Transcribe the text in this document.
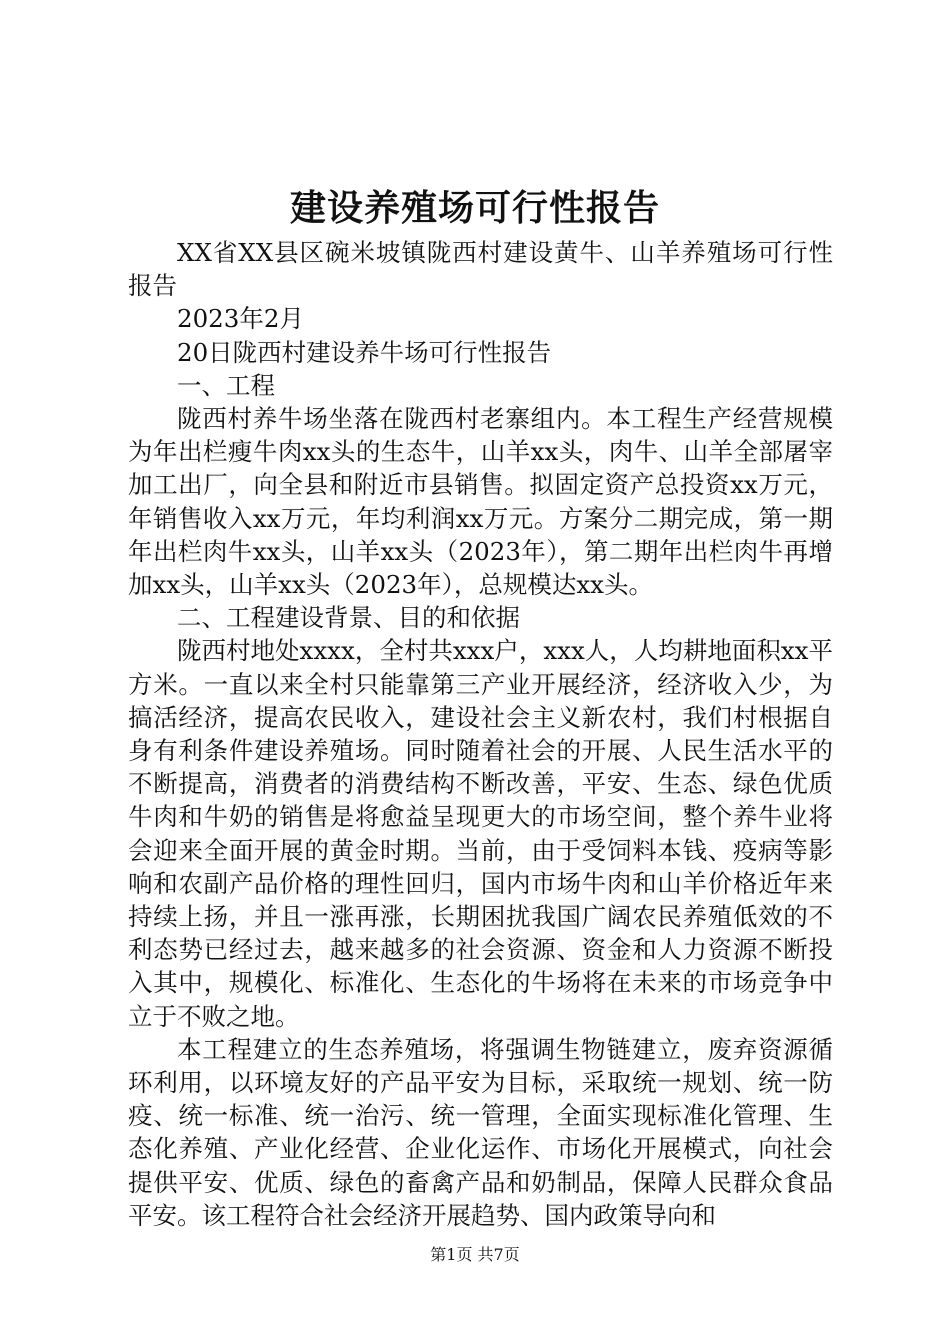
建设养殖场可行性报告

XX省XX县区碗米坡镇陇西村建设黄牛、山羊养殖场可行性报告

2023年2月

20日陇西村建设养牛场可行性报告

一、工程

陇西村养牛场坐落在陇西村老寨组内。本工程生产经营规模为年出栏瘦牛肉xx头的生态牛，山羊xx头，肉牛、山羊全部屠宰加工出厂，向全县和附近市县销售。拟固定资产总投资xx万元，年销售收入xx万元，年均利润xx万元。方案分二期完成，第一期年出栏肉牛xx头，山羊xx头（2023年），第二期年出栏肉牛再增加xx头，山羊xx头（2023年），总规模达xx头。

二、工程建设背景、目的和依据

陇西村地处xxxx，全村共xxx户，xxx人，人均耕地面积xx平方米。一直以来全村只能靠第三产业开展经济，经济收入少，为搞活经济，提高农民收入，建设社会主义新农村，我们村根据自身有利条件建设养殖场。同时随着社会的开展、人民生活水平的不断提高，消费者的消费结构不断改善，平安、生态、绿色优质牛肉和牛奶的销售是将愈益呈现更大的市场空间，整个养牛业将会迎来全面开展的黄金时期。当前，由于受饲料本钱、疫病等影响和农副产品价格的理性回归，国内市场牛肉和山羊价格近年来持续上扬，并且一涨再涨，长期困扰我国广阔农民养殖低效的不利态势已经过去，越来越多的社会资源、资金和人力资源不断投入其中，规模化、标准化、生态化的牛场将在未来的市场竞争中立于不败之地。

本工程建立的生态养殖场，将强调生物链建立，废弃资源循环利用，以环境友好的产品平安为目标，采取统一规划、统一防疫、统一标准、统一治污、统一管理，全面实现标准化管理、生态化养殖、产业化经营、企业化运作、市场化开展模式，向社会提供平安、优质、绿色的畜禽产品和奶制品，保障人民群众食品平安。该工程符合社会经济开展趋势、国内政策导向和

第1页 共7页
